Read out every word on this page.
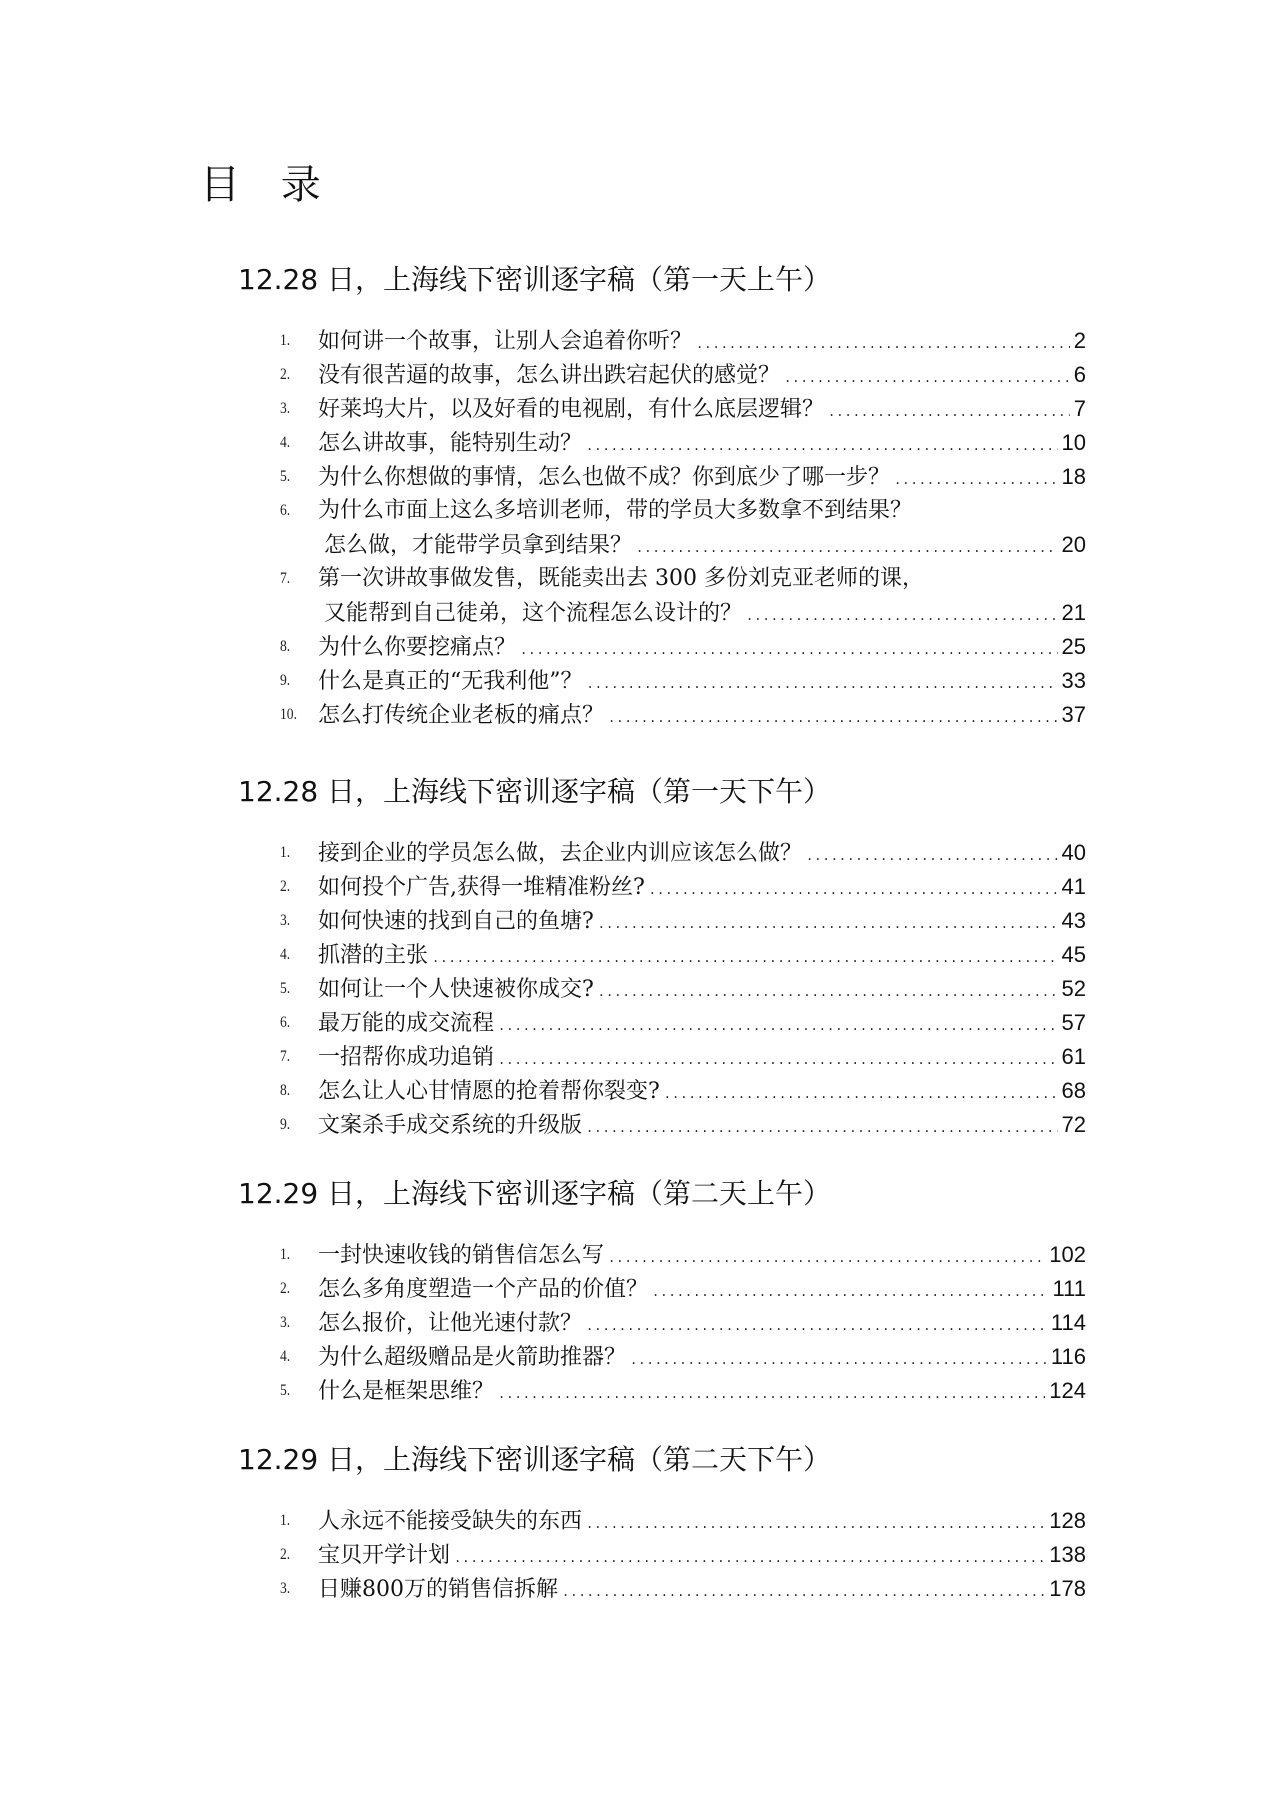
目 录
12.28 日，上海线下密训逐字稿（第一天上午）
1.	如何讲一个故事，让别人会追着你听？ .....	2
2.	没有很苦逼的故事，怎么讲出跌宕起伏的感觉？ .....	6
3.	好莱坞大片，以及好看的电视剧，有什么底层逻辑？ .....	7
4.	怎么讲故事，能特别生动？ .....	10
5.	为什么你想做的事情，怎么也做不成？你到底少了哪一步？ .....	18
6.	为什么市面上这么多培训老师，带的学员大多数拿不到结果？
怎么做，才能带学员拿到结果？ .....	20
7.	第一次讲故事做发售，既能卖出去 300 多份刘克亚老师的课，
又能帮到自己徒弟，这个流程怎么设计的？ .....	21
8.	为什么你要挖痛点？ .....	25
9.	什么是真正的“无我利他”？ .....	33
10. 怎么打传统企业老板的痛点？ .....	37
12.28 日，上海线下密训逐字稿（第一天下午）
1.	接到企业的学员怎么做，去企业内训应该怎么做？ .....	40
2.	如何投个广告,获得一堆精准粉丝? .....	41
3.	如何快速的找到自己的鱼塘? .....	43
4.	抓潜的主张 .....	45
5.	如何让一个人快速被你成交? .....	52
6.	最万能的成交流程 .....	57
7.	一招帮你成功追销 .....	61
8.	怎么让人心甘情愿的抢着帮你裂变? .....	68
9.	文案杀手成交系统的升级版 .....	72
12.29 日，上海线下密训逐字稿（第二天上午）
1.	一封快速收钱的销售信怎么写 .....	102
2.	怎么多角度塑造一个产品的价值？ .....	111
3.	怎么报价，让他光速付款？ .....	114
4.	为什么超级赠品是火箭助推器？ .....	116
5.	什么是框架思维？ .....	124
12.29 日，上海线下密训逐字稿（第二天下午）
1.	人永远不能接受缺失的东西 .....	128
2.	宝贝开学计划 .....	138
3.	日赚800万的销售信拆解 .....	178
